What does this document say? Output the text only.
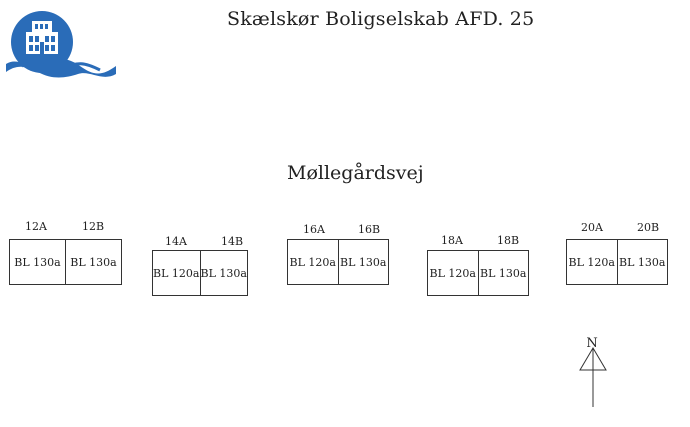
Skælskør Boligselskab AFD. 25
Møllegårdsvej
12A	12B
BL 130a BL 130a
14A	14B
BL 120a BL 130a
16A	16B
BL 120a BL 130a
18A	18B
BL 120a BL 130a
20A	20B
BL 120a BL 130a
N
